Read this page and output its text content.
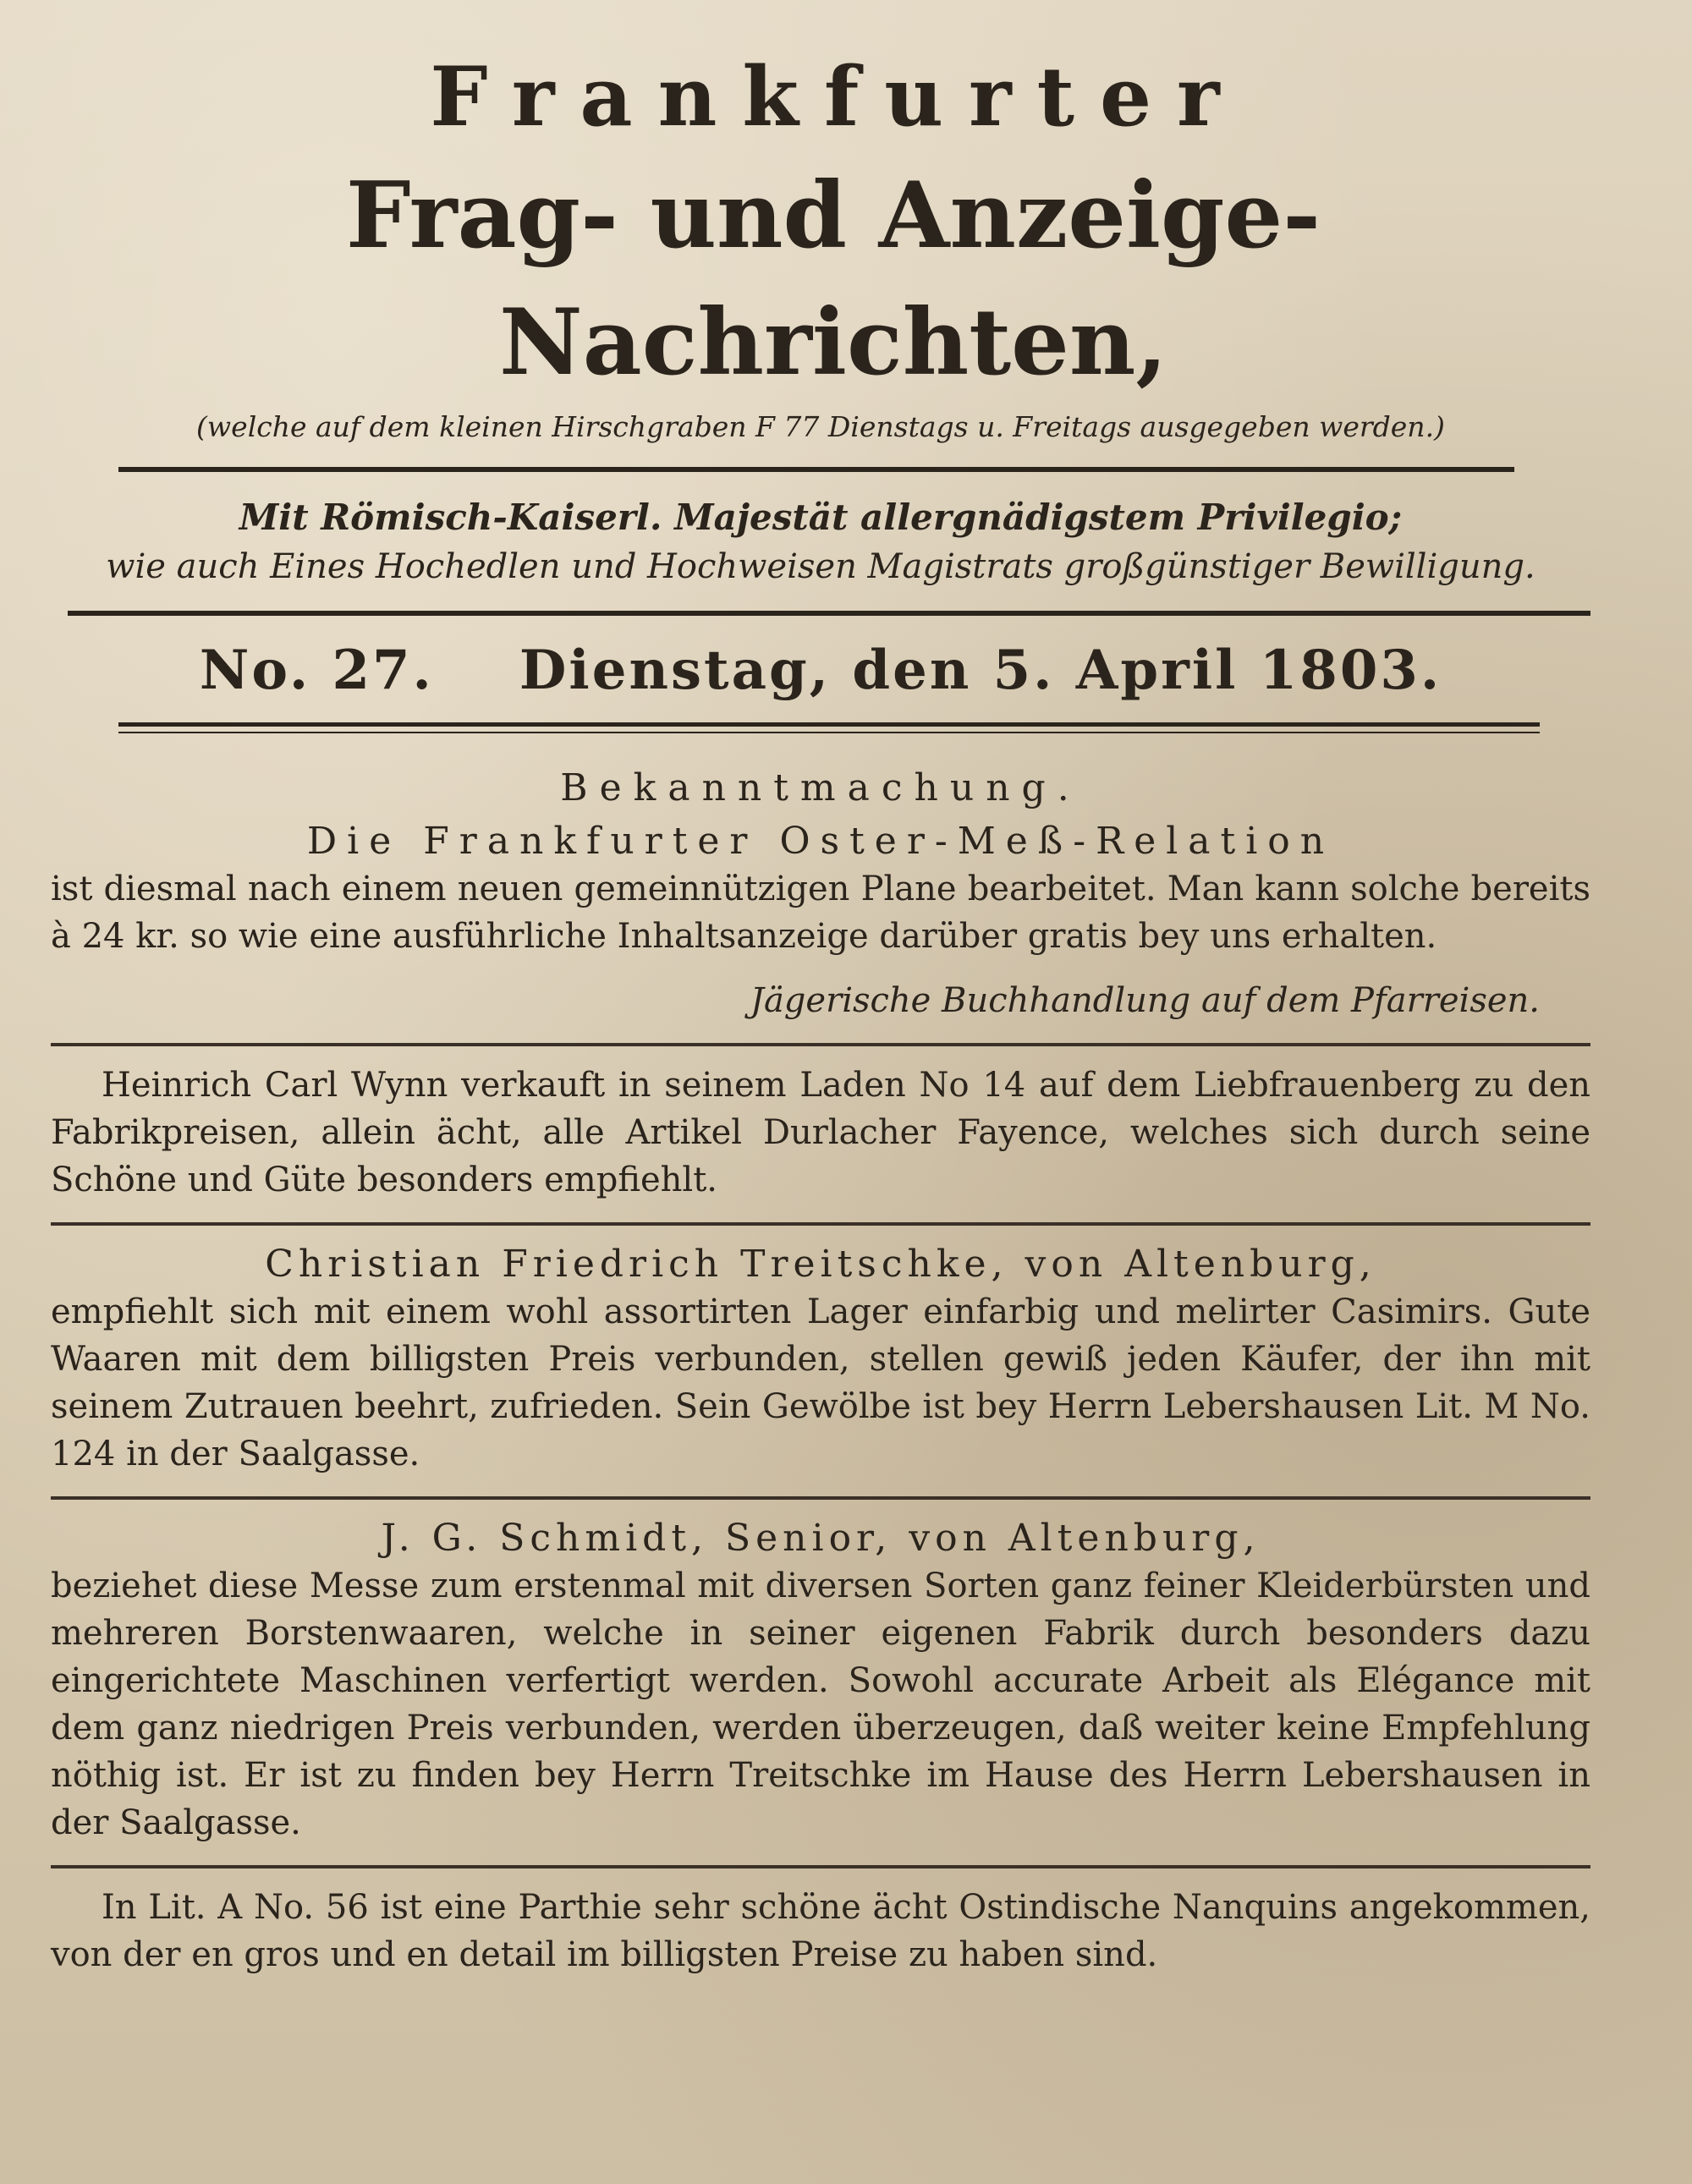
Frankfurter
Frag- und Anzeige-Nachrichten,
(welche auf dem kleinen Hirschgraben F 77 Dienstags u. Freitags ausgegeben werden.)
Mit Römisch-Kaiserl. Majestät allergnädigstem Privilegio;
wie auch Eines Hochedlen und Hochweisen Magistrats großgünstiger Bewilligung.
No. 27. Dienstag, den 5. April 1803.
Bekanntmachung.
Die Frankfurter Oster-Meß-Relation
ist diesmal nach einem neuen gemeinnützigen Plane bearbeitet. Man kann solche bereits à 24 kr. so wie eine ausführliche Inhaltsanzeige darüber gratis bey uns erhalten.
Jägerische Buchhandlung auf dem Pfarreisen.
Heinrich Carl Wynn verkauft in seinem Laden No 14 auf dem Liebfrauenberg zu den Fabrikpreisen, allein ächt, alle Artikel Durlacher Fayence, welches sich durch seine Schöne und Güte besonders empfiehlt.
Christian Friedrich Treitschke, von Altenburg,
empfiehlt sich mit einem wohl assortirten Lager einfarbig und melirter Casimirs. Gute Waaren mit dem billigsten Preis verbunden, stellen gewiß jeden Käufer, der ihn mit seinem Zutrauen beehrt, zufrieden. Sein Gewölbe ist bey Herrn Lebershausen Lit. M No. 124 in der Saalgasse.
J. G. Schmidt, Senior, von Altenburg,
beziehet diese Messe zum erstenmal mit diversen Sorten ganz feiner Kleiderbürsten und mehreren Borstenwaaren, welche in seiner eigenen Fabrik durch besonders dazu eingerichtete Maschinen verfertigt werden. Sowohl accurate Arbeit als Elégance mit dem ganz niedrigen Preis verbunden, werden überzeugen, daß weiter keine Empfehlung nöthig ist. Er ist zu finden bey Herrn Treitschke im Hause des Herrn Lebershausen in der Saalgasse.
In Lit. A No. 56 ist eine Parthie sehr schöne ächt Ostindische Nanquins angekommen, von der en gros und en detail im billigsten Preise zu haben sind.
